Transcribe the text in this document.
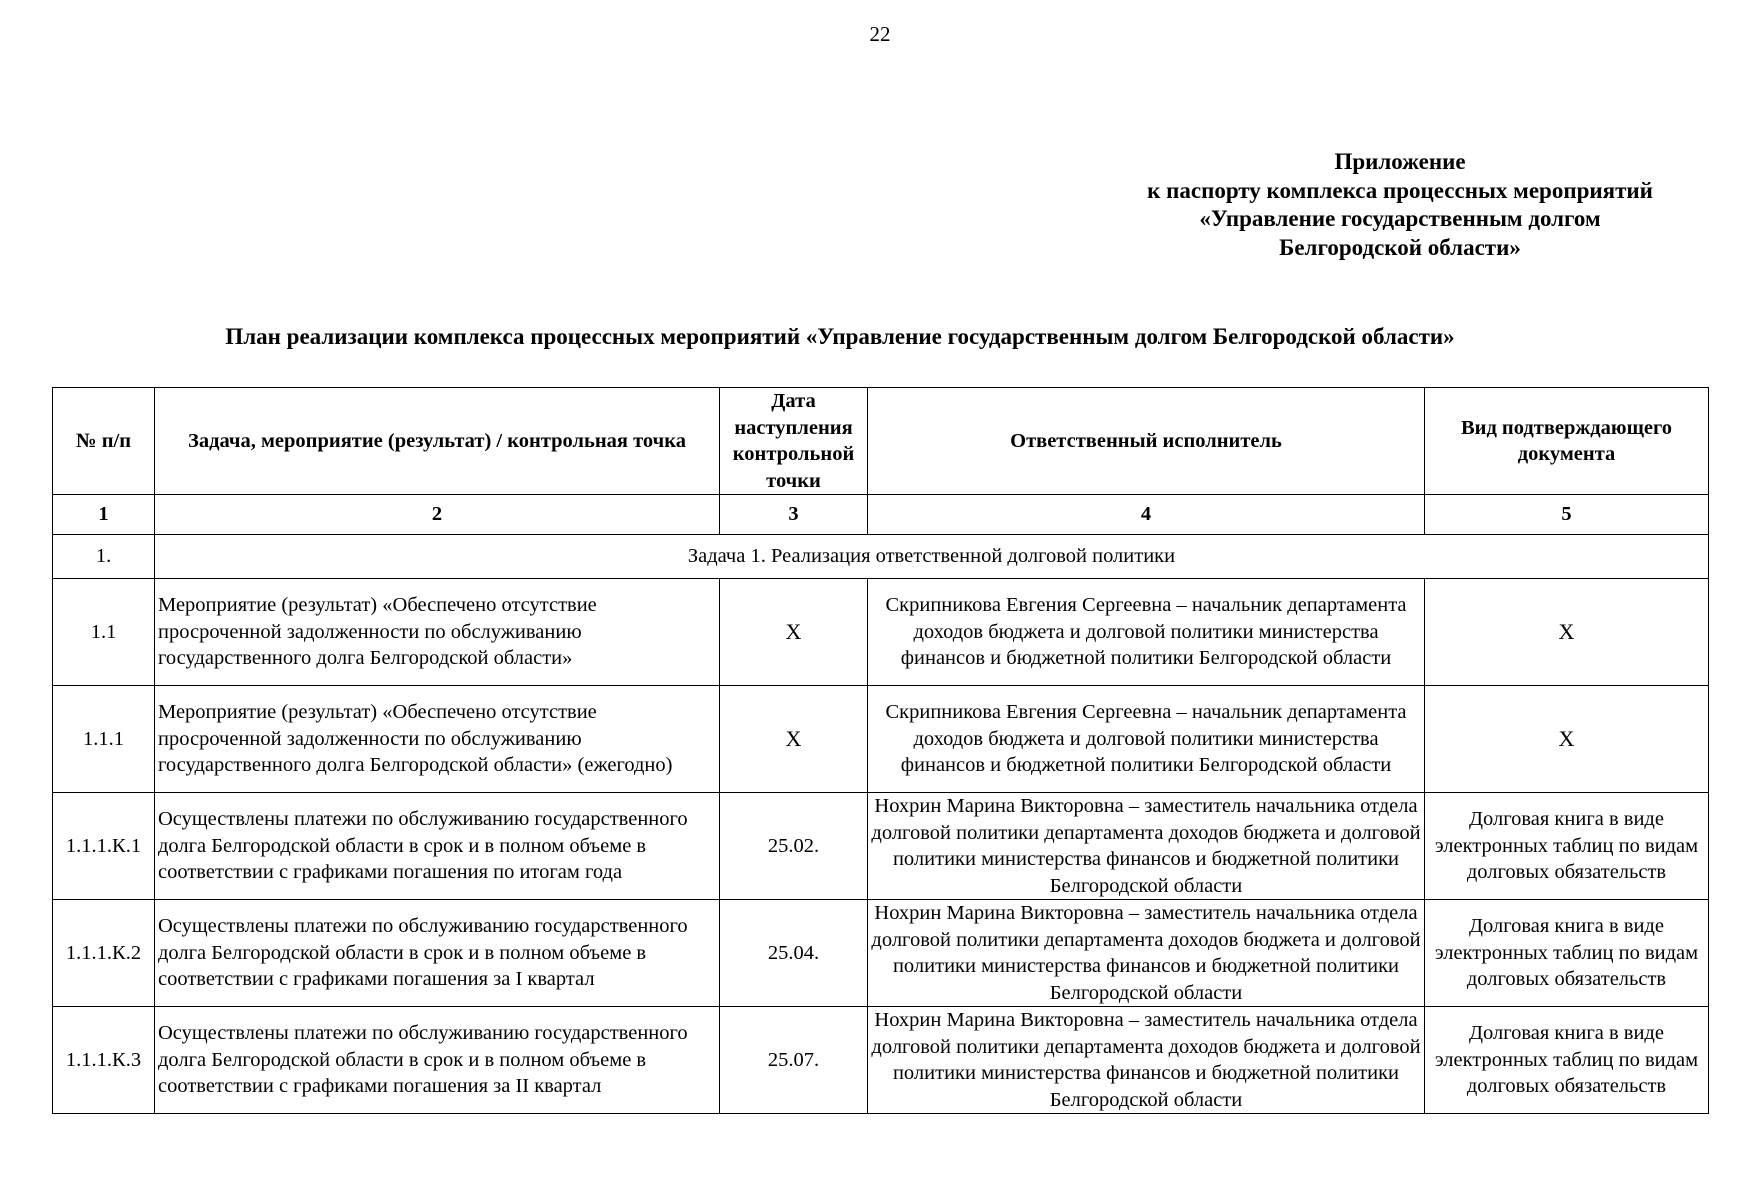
22
Приложение
к паспорту комплекса процессных мероприятий
«Управление государственным долгом
Белгородской области»
План реализации комплекса процессных мероприятий «Управление государственным долгом Белгородской области»
№ п/п	Задача, мероприятие (результат) / контрольная точка	Дата наступления контрольной точки	Ответственный исполнитель	Вид подтверждающего документа
1	2	3	4	5
1.	Задача 1. Реализация ответственной долговой политики			
1.1	Мероприятие (результат) «Обеспечено отсутствие просроченной задолженности по обслуживанию государственного долга Белгородской области»	X	Скрипникова Евгения Сергеевна – начальник департамента доходов бюджета и долговой политики министерства финансов и бюджетной политики Белгородской области	X
1.1.1	Мероприятие (результат) «Обеспечено отсутствие просроченной задолженности по обслуживанию государственного долга Белгородской области» (ежегодно)	X	Скрипникова Евгения Сергеевна – начальник департамента доходов бюджета и долговой политики министерства финансов и бюджетной политики Белгородской области	X
1.1.1.К.1	Осуществлены платежи по обслуживанию государственного долга Белгородской области в срок и в полном объеме в соответствии с графиками погашения по итогам года	25.02.	Нохрин Марина Викторовна – заместитель начальника отдела долговой политики департамента доходов бюджета и долговой политики министерства финансов и бюджетной политики Белгородской области	Долговая книга в виде электронных таблиц по видам долговых обязательств
1.1.1.К.2	Осуществлены платежи по обслуживанию государственного долга Белгородской области в срок и в полном объеме в соответствии с графиками погашения за I квартал	25.04.	Нохрин Марина Викторовна – заместитель начальника отдела долговой политики департамента доходов бюджета и долговой политики министерства финансов и бюджетной политики Белгородской области	Долговая книга в виде электронных таблиц по видам долговых обязательств
1.1.1.К.3	Осуществлены платежи по обслуживанию государственного долга Белгородской области в срок и в полном объеме в соответствии с графиками погашения за II квартал	25.07.	Нохрин Марина Викторовна – заместитель начальника отдела долговой политики департамента доходов бюджета и долговой политики министерства финансов и бюджетной политики Белгородской области	Долговая книга в виде электронных таблиц по видам долговых обязательств
